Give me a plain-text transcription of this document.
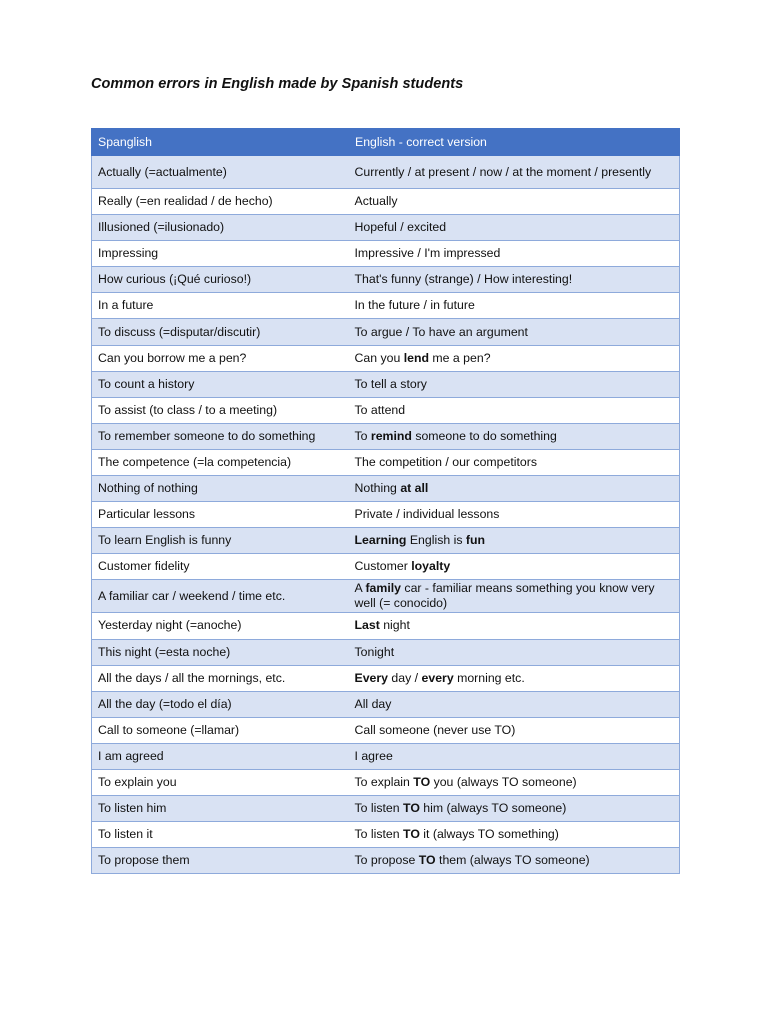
Common errors in English made by Spanish students
Spanglish	English - correct version
Actually (=actualmente)	Currently / at present / now / at the moment / presently
Really (=en realidad / de hecho)	Actually
Illusioned (=ilusionado)	Hopeful / excited
Impressing	Impressive / I'm impressed
How curious (¡Qué curioso!)	That's funny (strange) / How interesting!
In a future	In the future / in future
To discuss (=disputar/discutir)	To argue / To have an argument
Can you borrow me a pen?	Can you lend me a pen?
To count a history	To tell a story
To assist (to class / to a meeting)	To attend
To remember someone to do something	To remind someone to do something
The competence (=la competencia)	The competition / our competitors
Nothing of nothing	Nothing at all
Particular lessons	Private / individual lessons
To learn English is funny	Learning English is fun
Customer fidelity	Customer loyalty
A familiar car / weekend / time etc.	A family car - familiar means something you know very well (= conocido)
Yesterday night (=anoche)	Last night
This night (=esta noche)	Tonight
All the days / all the mornings, etc.	Every day / every morning etc.
All the day (=todo el día)	All day
Call to someone (=llamar)	Call someone (never use TO)
I am agreed	I agree
To explain you	To explain TO you (always TO someone)
To listen him	To listen TO him (always TO someone)
To listen it	To listen TO it (always TO something)
To propose them	To propose TO them (always TO someone)
